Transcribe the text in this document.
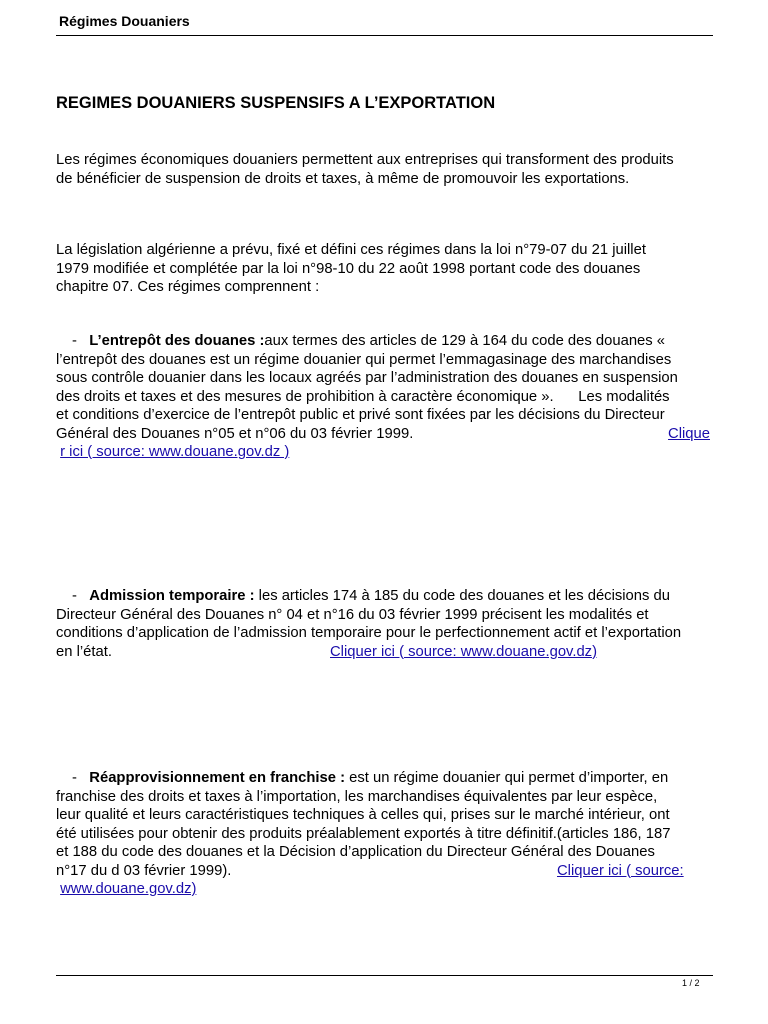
Régimes Douaniers
REGIMES DOUANIERS SUSPENSIFS A L’EXPORTATION
Les régimes économiques douaniers permettent aux entreprises qui transforment des produits
de bénéficier de suspension de droits et taxes, à même de promouvoir les exportations.
La législation algérienne a prévu, fixé et défini ces régimes dans la loi n°79-07 du 21 juillet
1979 modifiée et complétée par la loi n°98-10 du 22 août 1998 portant code des douanes
chapitre 07. Ces régimes comprennent :
- L’entrepôt des douanes :aux termes des articles de 129 à 164 du code des douanes «
l’entrepôt des douanes est un régime douanier qui permet l’emmagasinage des marchandises
sous contrôle douanier dans les locaux agréés par l’administration des douanes en suspension
des droits et taxes et des mesures de prohibition à caractère économique ».      Les modalités
et conditions d’exercice de l’entrepôt public et privé sont fixées par les décisions du Directeur
Général des Douanes n°05 et n°06 du 03 février 1999.	Clique
r ici ( source: www.douane.gov.dz )
- Admission temporaire : les articles 174 à 185 du code des douanes et les décisions du
Directeur Général des Douanes n° 04 et n°16 du 03 février 1999 précisent les modalités et
conditions d’application de l’admission temporaire pour le perfectionnement actif et l’exportation
en l’état.	Cliquer ici ( source: www.douane.gov.dz)
- Réapprovisionnement en franchise : est un régime douanier qui permet d’importer, en
franchise des droits et taxes à l’importation, les marchandises équivalentes par leur espèce,
leur qualité et leurs caractéristiques techniques à celles qui, prises sur le marché intérieur, ont
été utilisées pour obtenir des produits préalablement exportés à titre définitif.(articles 186, 187
et 188 du code des douanes et la Décision d’application du Directeur Général des Douanes
n°17 du d 03 février 1999).	Cliquer ici ( source:
www.douane.gov.dz)
1 / 2
